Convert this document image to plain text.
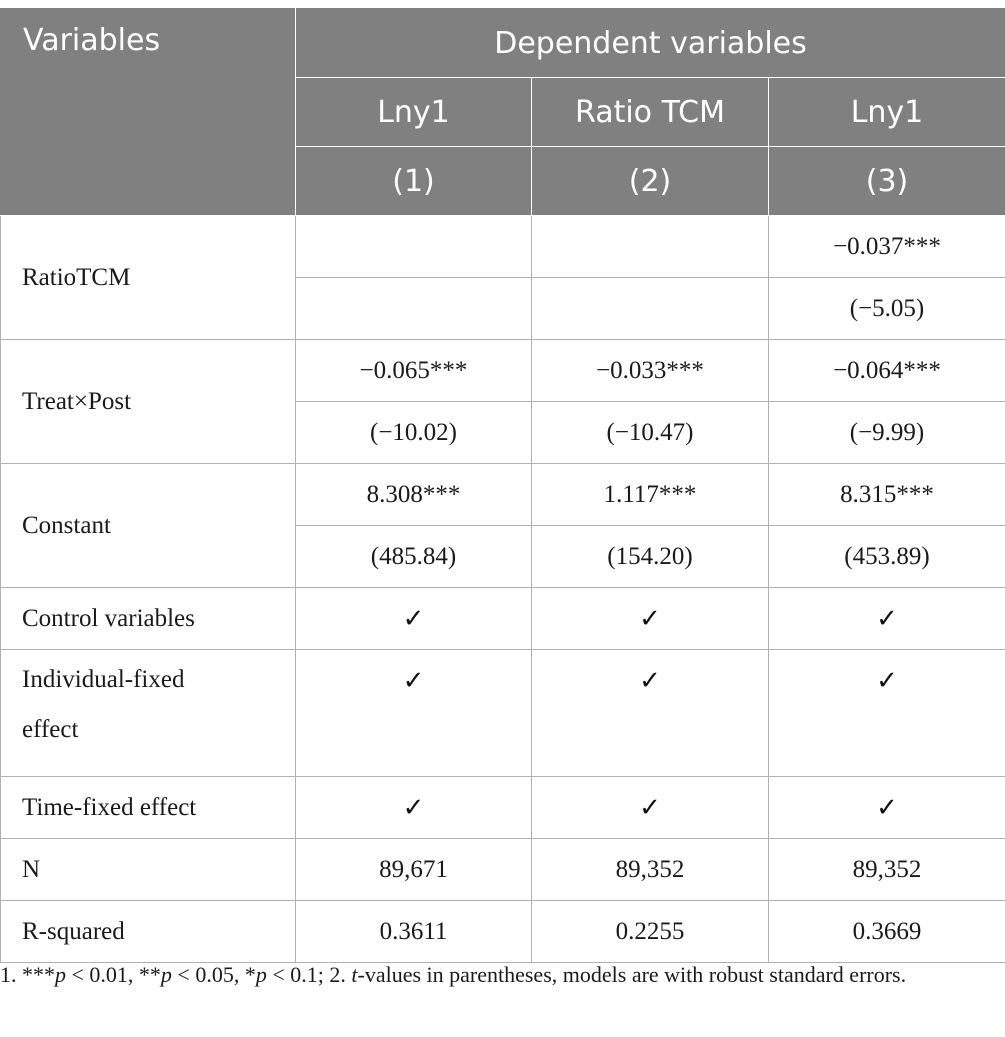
Variables	Dependent variables		
	Lny1	Ratio TCM	Lny1
	(1)	(2)	(3)
RatioTCM			−0.037***
			(−5.05)
Treat×Post	−0.065***	−0.033***	−0.064***
	(−10.02)	(−10.47)	(−9.99)
Constant	8.308***	1.117***	8.315***
	(485.84)	(154.20)	(453.89)
Control variables	✓	✓	✓
Individual-fixed effect	✓	✓	✓
Time-fixed effect	✓	✓	✓
N	89,671	89,352	89,352
R-squared	0.3611	0.2255	0.3669
1. ***p < 0.01, **p < 0.05, *p < 0.1; 2. t-values in parentheses, models are with robust standard errors.
